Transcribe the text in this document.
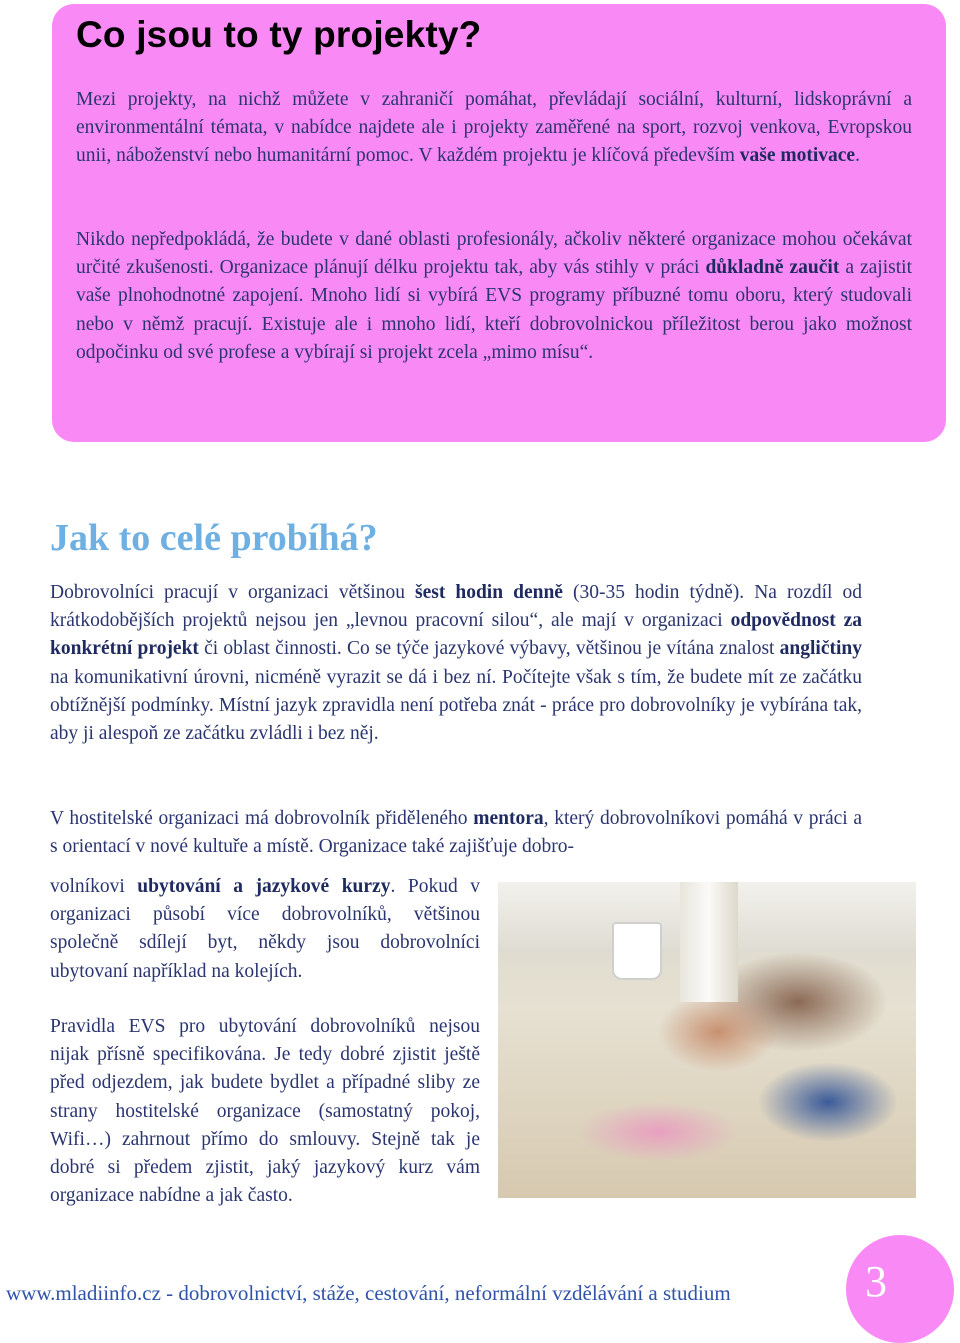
Co jsou to ty projekty?

Mezi projekty, na nichž můžete v zahraničí pomáhat, převládají sociální, kulturní, lidskoprávní a environmentální témata, v nabídce najdete ale i projekty zaměřené na sport, rozvoj venkova, Evropskou unii, náboženství nebo humanitární pomoc. V každém projektu je klíčová především vaše motivace.

Nikdo nepředpokládá, že budete v dané oblasti profesionály, ačkoliv některé organizace mohou očekávat určité zkušenosti. Organizace plánují délku projektu tak, aby vás stihly v práci důkladně zaučit a zajistit vaše plnohodnotné zapojení. Mnoho lidí si vybírá EVS programy příbuzné tomu oboru, který studovali nebo v němž pracují. Existuje ale i mnoho lidí, kteří dobrovolnickou příležitost berou jako možnost odpočinku od své profese a vybírají si projekt zcela „mimo mísu“.

Jak to celé probíhá?

Dobrovolníci pracují v organizaci většinou šest hodin denně (30-35 hodin týdně). Na rozdíl od krátkodobějších projektů nejsou jen „levnou pracovní silou“, ale mají v organizaci odpovědnost za konkrétní projekt či oblast činnosti. Co se týče jazykové výbavy, většinou je vítána znalost angličtiny na komunikativní úrovni, nicméně vyrazit se dá i bez ní. Počítejte však s tím, že budete mít ze začátku obtížnější podmínky. Místní jazyk zpravidla není potřeba znát - práce pro dobrovolníky je vybírána tak, aby ji alespoň ze začátku zvládli i bez něj.

V hostitelské organizaci má dobrovolník přiděleného mentora, který dobrovolníkovi pomáhá v práci a s orientací v nové kultuře a místě. Organizace také zajišťuje dobro-

volníkovi ubytování a jazykové kurzy. Pokud v organizaci působí více dobrovolníků, většinou společně sdílejí byt, někdy jsou dobrovolníci ubytovaní například na kolejích.

Pravidla EVS pro ubytování dobrovolníků nejsou nijak přísně specifikována. Je tedy dobré zjistit ještě před odjezdem, jak budete bydlet a případné sliby ze strany hostitelské organizace (samostatný pokoj, Wifi…) zahrnout přímo do smlouvy. Stejně tak je dobré si předem zjistit, jaký jazykový kurz vám organizace nabídne a jak často.

www.mladiinfo.cz - dobrovolnictví, stáže, cestování, neformální vzdělávání a studium	3
